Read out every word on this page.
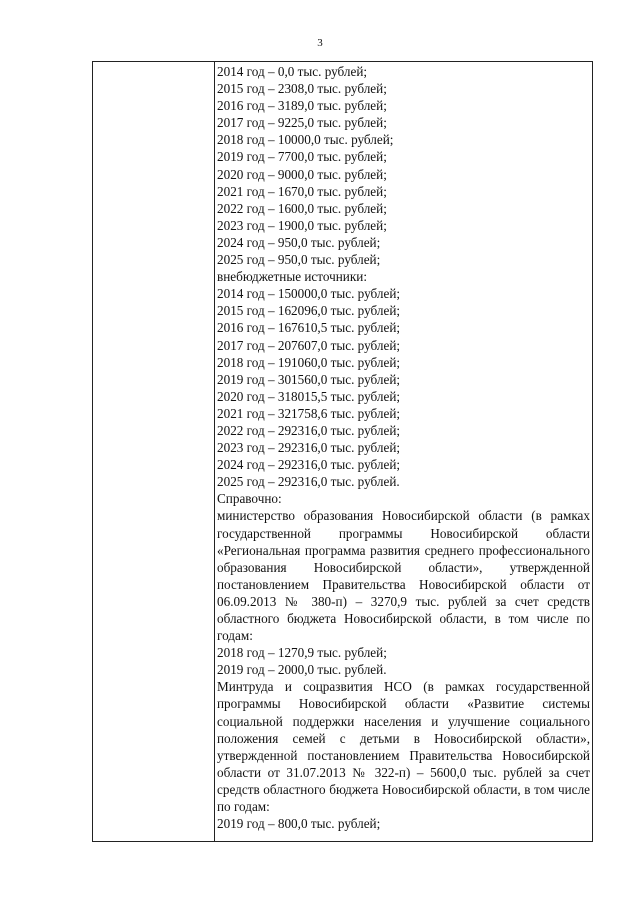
3
2014 год – 0,0 тыс. рублей;
2015 год – 2308,0 тыс. рублей;
2016 год – 3189,0 тыс. рублей;
2017 год – 9225,0 тыс. рублей;
2018 год – 10000,0 тыс. рублей;
2019 год – 7700,0 тыс. рублей;
2020 год – 9000,0 тыс. рублей;
2021 год – 1670,0 тыс. рублей;
2022 год – 1600,0 тыс. рублей;
2023 год – 1900,0 тыс. рублей;
2024 год – 950,0 тыс. рублей;
2025 год – 950,0 тыс. рублей;
внебюджетные источники:
2014 год – 150000,0 тыс. рублей;
2015 год – 162096,0 тыс. рублей;
2016 год – 167610,5 тыс. рублей;
2017 год – 207607,0 тыс. рублей;
2018 год – 191060,0 тыс. рублей;
2019 год – 301560,0 тыс. рублей;
2020 год – 318015,5 тыс. рублей;
2021 год – 321758,6 тыс. рублей;
2022 год – 292316,0 тыс. рублей;
2023 год – 292316,0 тыс. рублей;
2024 год – 292316,0 тыс. рублей;
2025 год – 292316,0 тыс. рублей.
Справочно:
министерство образования Новосибирской области (в рамках государственной программы Новосибирской области «Региональная программа развития среднего профессионального образования Новосибирской области», утвержденной постановлением Правительства Новосибирской области от 06.09.2013 № 380-п) – 3270,9 тыс. рублей за счет средств областного бюджета Новосибирской области, в том числе по годам:
2018 год – 1270,9 тыс. рублей;
2019 год – 2000,0 тыс. рублей.
Минтруда и соцразвития НСО (в рамках государственной программы Новосибирской области «Развитие системы социальной поддержки населения и улучшение социального положения семей с детьми в Новосибирской области», утвержденной постановлением Правительства Новосибирской области от 31.07.2013 № 322-п) – 5600,0 тыс. рублей за счет средств областного бюджета Новосибирской области, в том числе по годам:
2019 год – 800,0 тыс. рублей;
